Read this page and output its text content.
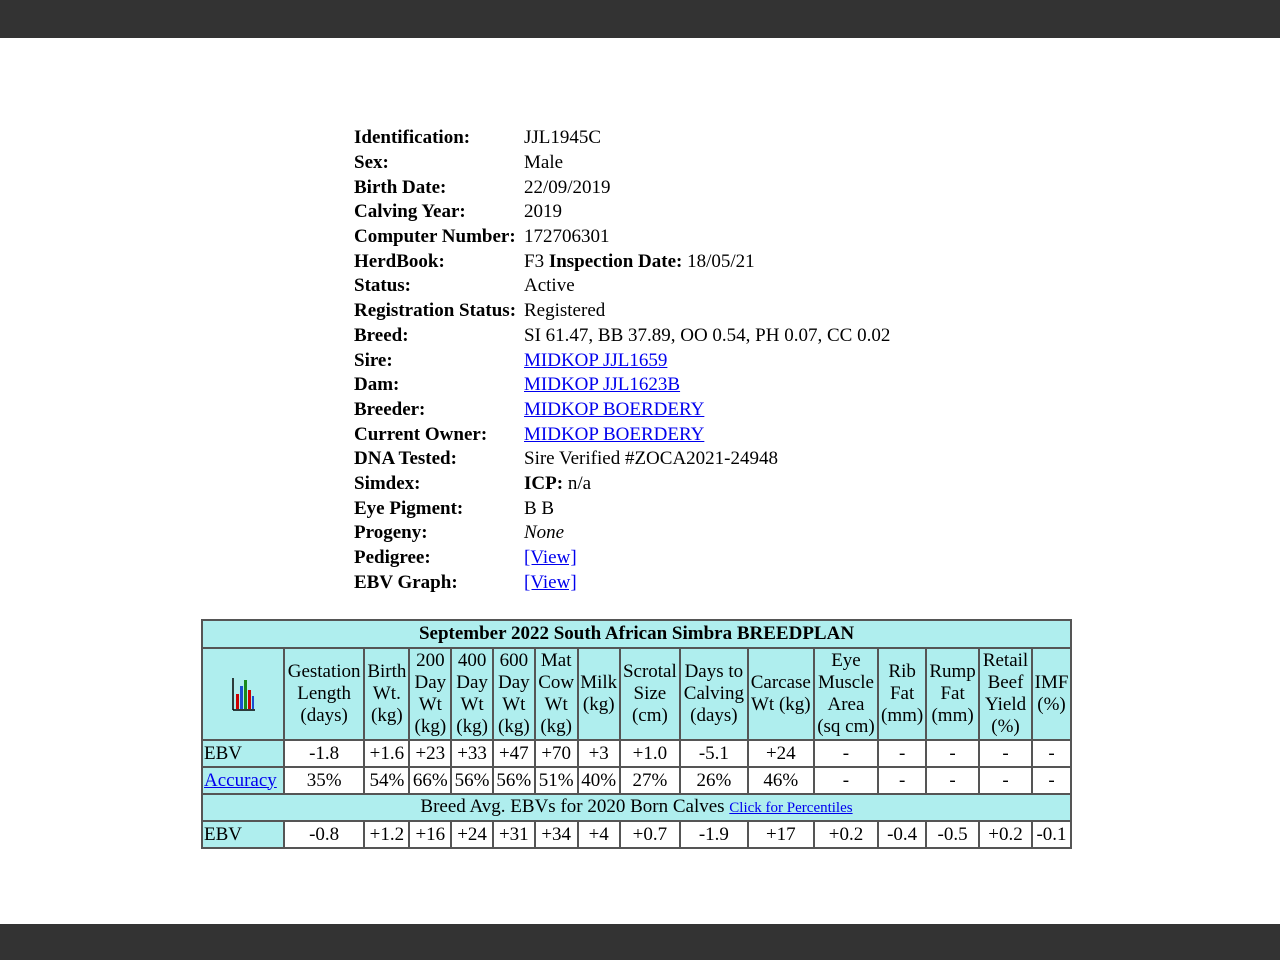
Identification:	JJL1945C
Sex:	Male
Birth Date:	22/09/2019
Calving Year:	2019
Computer Number:	172706301
HerdBook:	F3 Inspection Date: 18/05/21
Status:	Active
Registration Status:	Registered
Breed:	SI 61.47, BB 37.89, OO 0.54, PH 0.07, CC 0.02
Sire:	MIDKOP JJL1659
Dam:	MIDKOP JJL1623B
Breeder:	MIDKOP BOERDERY
Current Owner:	MIDKOP BOERDERY
DNA Tested:	Sire Verified #ZOCA2021-24948
Simdex:	ICP: n/a
Eye Pigment:	B B
Progeny:	None
Pedigree:	[View]
EBV Graph:	[View]
September 2022 South African Simbra BREEDPLAN															
	Gestation Length (days)	Birth Wt. (kg)	200 Day Wt (kg)	400 Day Wt (kg)	600 Day Wt (kg)	Mat Cow Wt (kg)	Milk (kg)	Scrotal Size (cm)	Days to Calving (days)	Carcase Wt (kg)	Eye Muscle Area (sq cm)	Rib Fat (mm)	Rump Fat (mm)	Retail Beef Yield (%)	IMF (%)
EBV	-1.8	+1.6	+23	+33	+47	+70	+3	+1.0	-5.1	+24	-	-	-	-	-
Accuracy	35%	54%	66%	56%	56%	51%	40%	27%	26%	46%	-	-	-	-	-
Breed Avg. EBVs for 2020 Born Calves Click for Percentiles															
EBV	-0.8	+1.2	+16	+24	+31	+34	+4	+0.7	-1.9	+17	+0.2	-0.4	-0.5	+0.2	-0.1
